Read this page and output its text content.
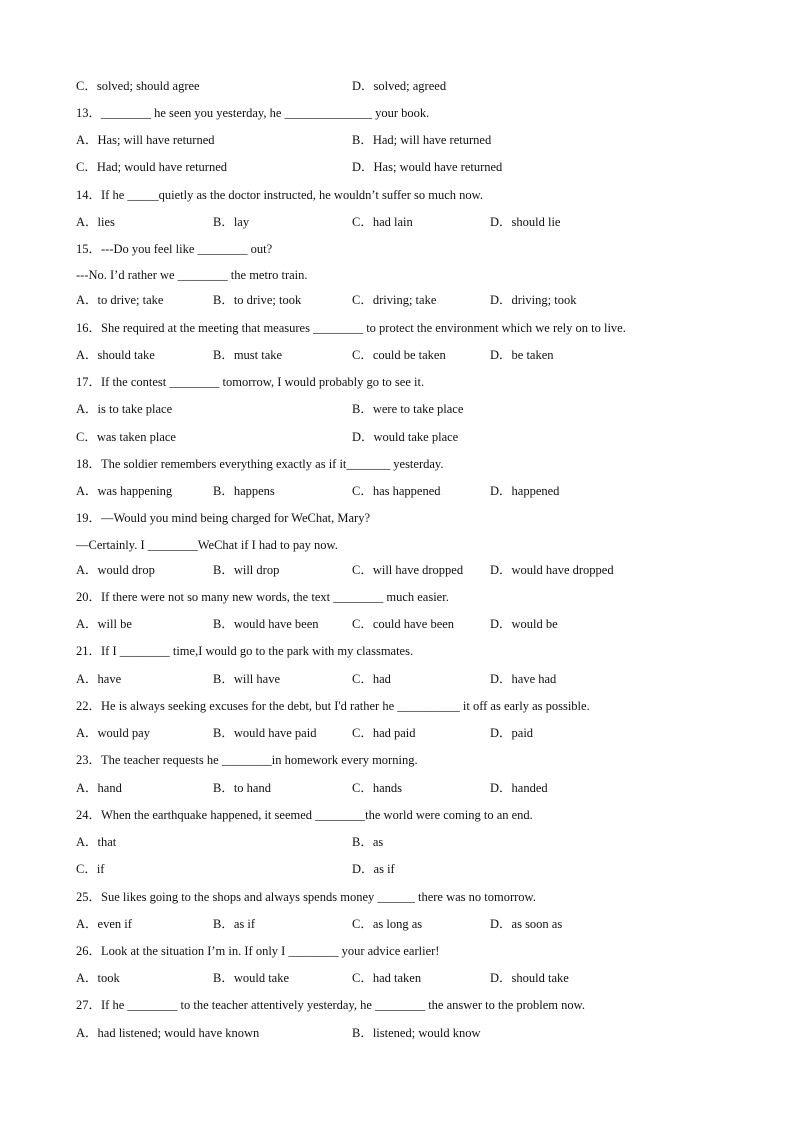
C．solved; should agree	D．solved; agreed
13．________ he seen you yesterday, he ______________ your book.
A．Has; will have returned	B．Had; will have returned
C．Had; would have returned	D．Has; would have returned
14．If he _____quietly as the doctor instructed, he wouldn’t suffer so much now.
A．lies	B．lay	C．had lain	D．should lie
15．---Do you feel like ________ out?
---No. I’d rather we ________ the metro train.
A．to drive; take	B．to drive; took	C．driving; take	D．driving; took
16．She required at the meeting that measures ________ to protect the environment which we rely on to live.
A．should take	B．must take	C．could be taken	D．be taken
17．If the contest ________ tomorrow, I would probably go to see it.
A．is to take place	B．were to take place
C．was taken place	D．would take place
18．The soldier remembers everything exactly as if it_______ yesterday.
A．was happening	B．happens	C．has happened	D．happened
19．—Would you mind being charged for WeChat, Mary?
—Certainly. I ________WeChat if I had to pay now.
A．would drop	B．will drop	C．will have dropped D．would have dropped
20．If there were not so many new words, the text ________ much easier.
A．will be	B．would have been	C．could have been	D．would be
21．If I ________ time,I would go to the park with my classmates.
A．have	B．will have	C．had	D．have had
22．He is always seeking excuses for the debt, but I'd rather he __________ it off as early as possible.
A．would pay	B．would have paid	C．had paid	D．paid
23．The teacher requests he ________in homework every morning.
A．hand	B．to hand	C．hands	D．handed
24．When the earthquake happened, it seemed ________the world were coming to an end.
A．that	B．as
C．if	D．as if
25．Sue likes going to the shops and always spends money ______ there was no tomorrow.
A．even if	B．as if	C．as long as	D．as soon as
26．Look at the situation I’m in. If only I ________ your advice earlier!
A．took	B．would take	C．had taken	D．should take
27．If he ________ to the teacher attentively yesterday, he ________ the answer to the problem now.
A．had listened; would have known	B．listened; would know
